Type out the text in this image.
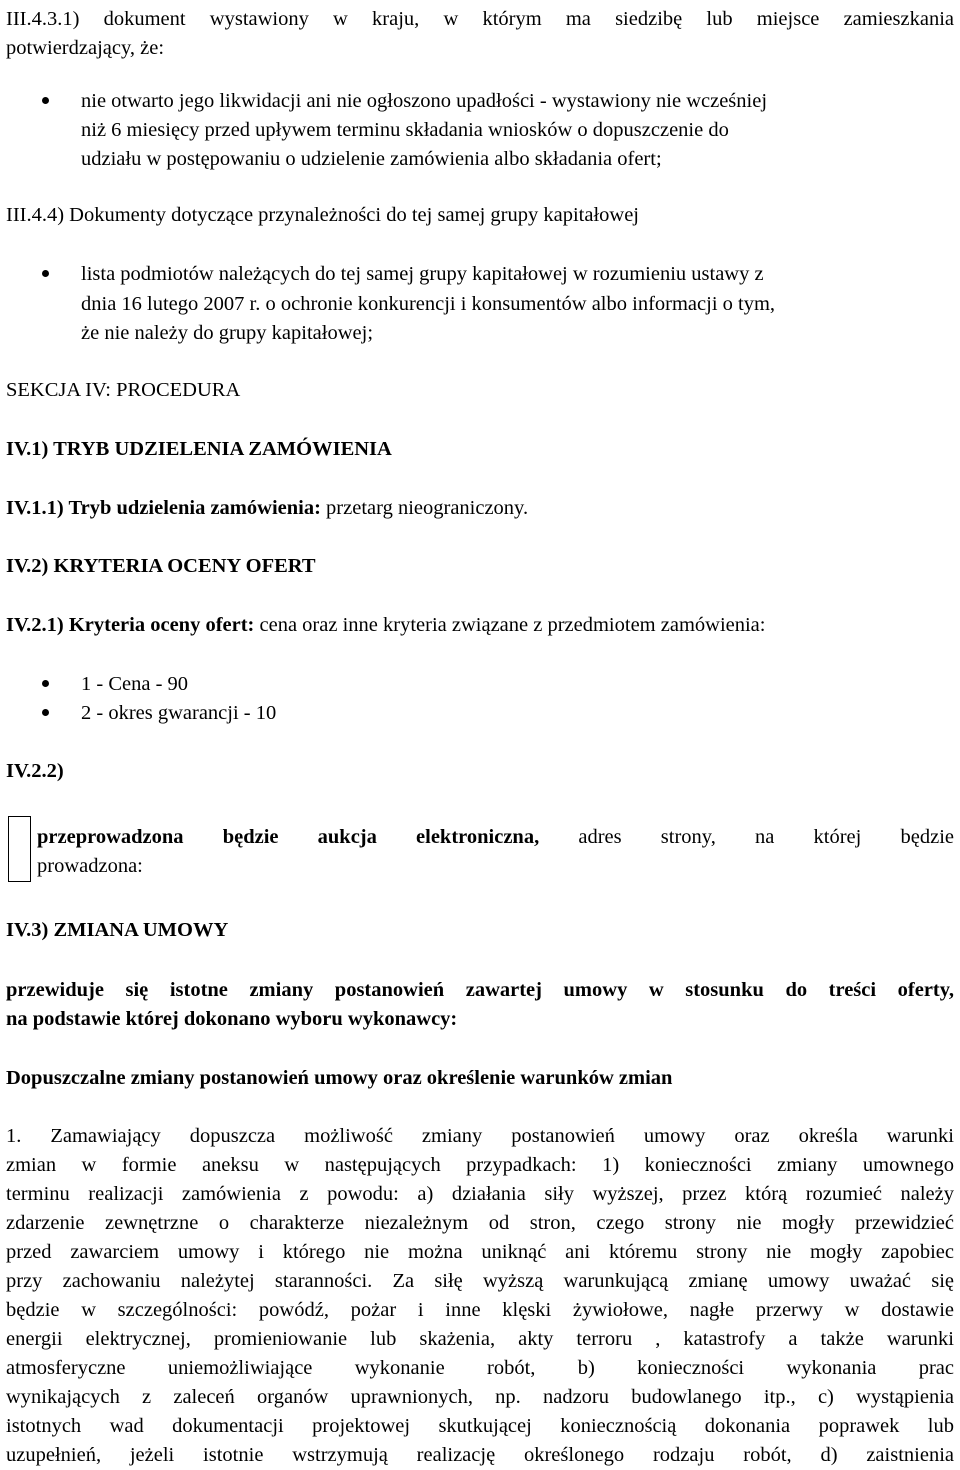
III.4.3.1) dokument wystawiony w kraju, w którym ma siedzibę lub miejsce zamieszkania
potwierdzający, że:
nie otwarto jego likwidacji ani nie ogłoszono upadłości - wystawiony nie wcześniej
niż 6 miesięcy przed upływem terminu składania wniosków o dopuszczenie do
udziału w postępowaniu o udzielenie zamówienia albo składania ofert;
III.4.4) Dokumenty dotyczące przynależności do tej samej grupy kapitałowej
lista podmiotów należących do tej samej grupy kapitałowej w rozumieniu ustawy z
dnia 16 lutego 2007 r. o ochronie konkurencji i konsumentów albo informacji o tym,
że nie należy do grupy kapitałowej;
SEKCJA IV: PROCEDURA
IV.1) TRYB UDZIELENIA ZAMÓWIENIA
IV.1.1) Tryb udzielenia zamówienia: przetarg nieograniczony.
IV.2) KRYTERIA OCENY OFERT
IV.2.1) Kryteria oceny ofert: cena oraz inne kryteria związane z przedmiotem zamówienia:
1 - Cena - 90
2 - okres gwarancji - 10
IV.2.2)
przeprowadzona będzie aukcja elektroniczna, adres strony, na której będzie
prowadzona:
IV.3) ZMIANA UMOWY
przewiduje się istotne zmiany postanowień zawartej umowy w stosunku do treści oferty,
na podstawie której dokonano wyboru wykonawcy:
Dopuszczalne zmiany postanowień umowy oraz określenie warunków zmian
1. Zamawiający dopuszcza możliwość zmiany postanowień umowy oraz określa warunki
zmian w formie aneksu w następujących przypadkach: 1) konieczności zmiany umownego
terminu realizacji zamówienia z powodu: a) działania siły wyższej, przez którą rozumieć należy
zdarzenie zewnętrzne o charakterze niezależnym od stron, czego strony nie mogły przewidzieć
przed zawarciem umowy i którego nie można uniknąć ani któremu strony nie mogły zapobiec
przy zachowaniu należytej staranności. Za siłę wyższą warunkującą zmianę umowy uważać się
będzie w szczególności: powódź, pożar i inne klęski żywiołowe, nagłe przerwy w dostawie
energii elektrycznej, promieniowanie lub skażenia, akty terroru , katastrofy a także warunki
atmosferyczne uniemożliwiające wykonanie robót, b) konieczności wykonania prac
wynikających z zaleceń organów uprawnionych, np. nadzoru budowlanego itp., c) wystąpienia
istotnych wad dokumentacji projektowej skutkującej koniecznością dokonania poprawek lub
uzupełnień, jeżeli istotnie wstrzymują realizację określonego rodzaju robót, d) zaistnienia
